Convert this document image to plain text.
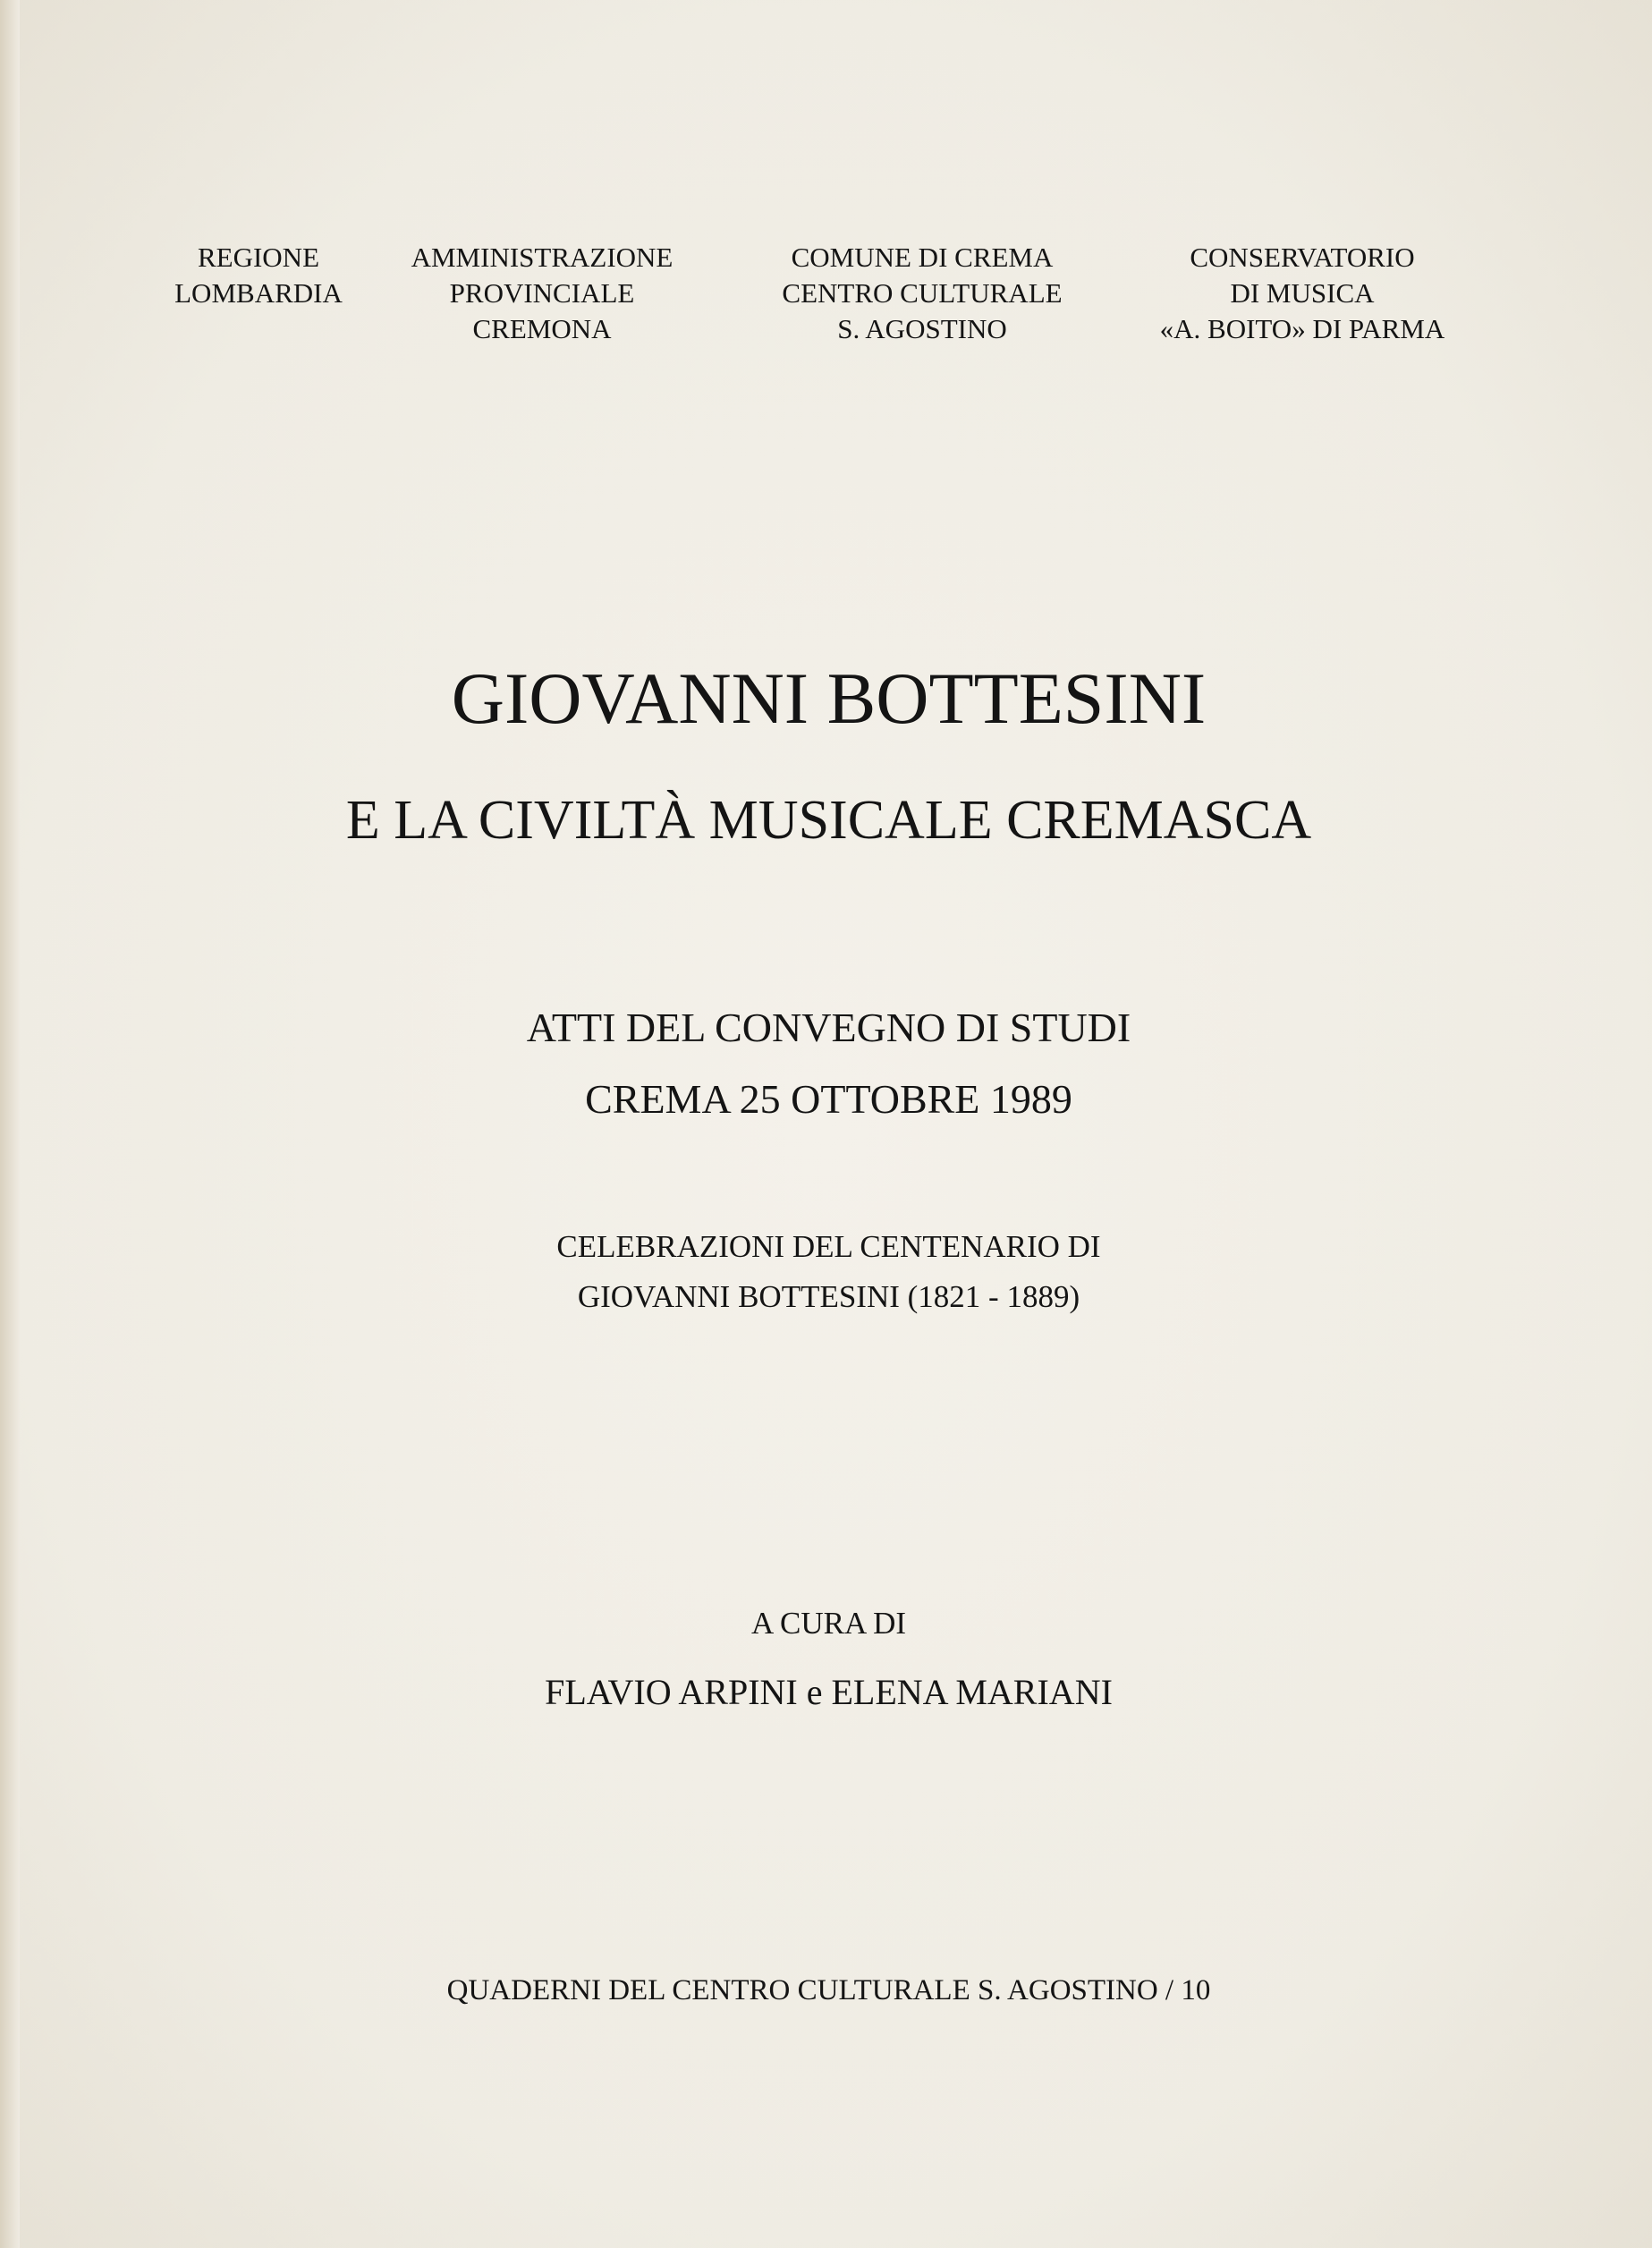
REGIONE
LOMBARDIA
AMMINISTRAZIONE
PROVINCIALE
CREMONA
COMUNE DI CREMA
CENTRO CULTURALE
S. AGOSTINO
CONSERVATORIO
DI MUSICA
«A. BOITO» DI PARMA
GIOVANNI BOTTESINI
E LA CIVILTÀ MUSICALE CREMASCA
ATTI DEL CONVEGNO DI STUDI
CREMA 25 OTTOBRE 1989
CELEBRAZIONI DEL CENTENARIO DI
GIOVANNI BOTTESINI (1821 - 1889)
A CURA DI
FLAVIO ARPINI e ELENA MARIANI
QUADERNI DEL CENTRO CULTURALE S. AGOSTINO / 10
